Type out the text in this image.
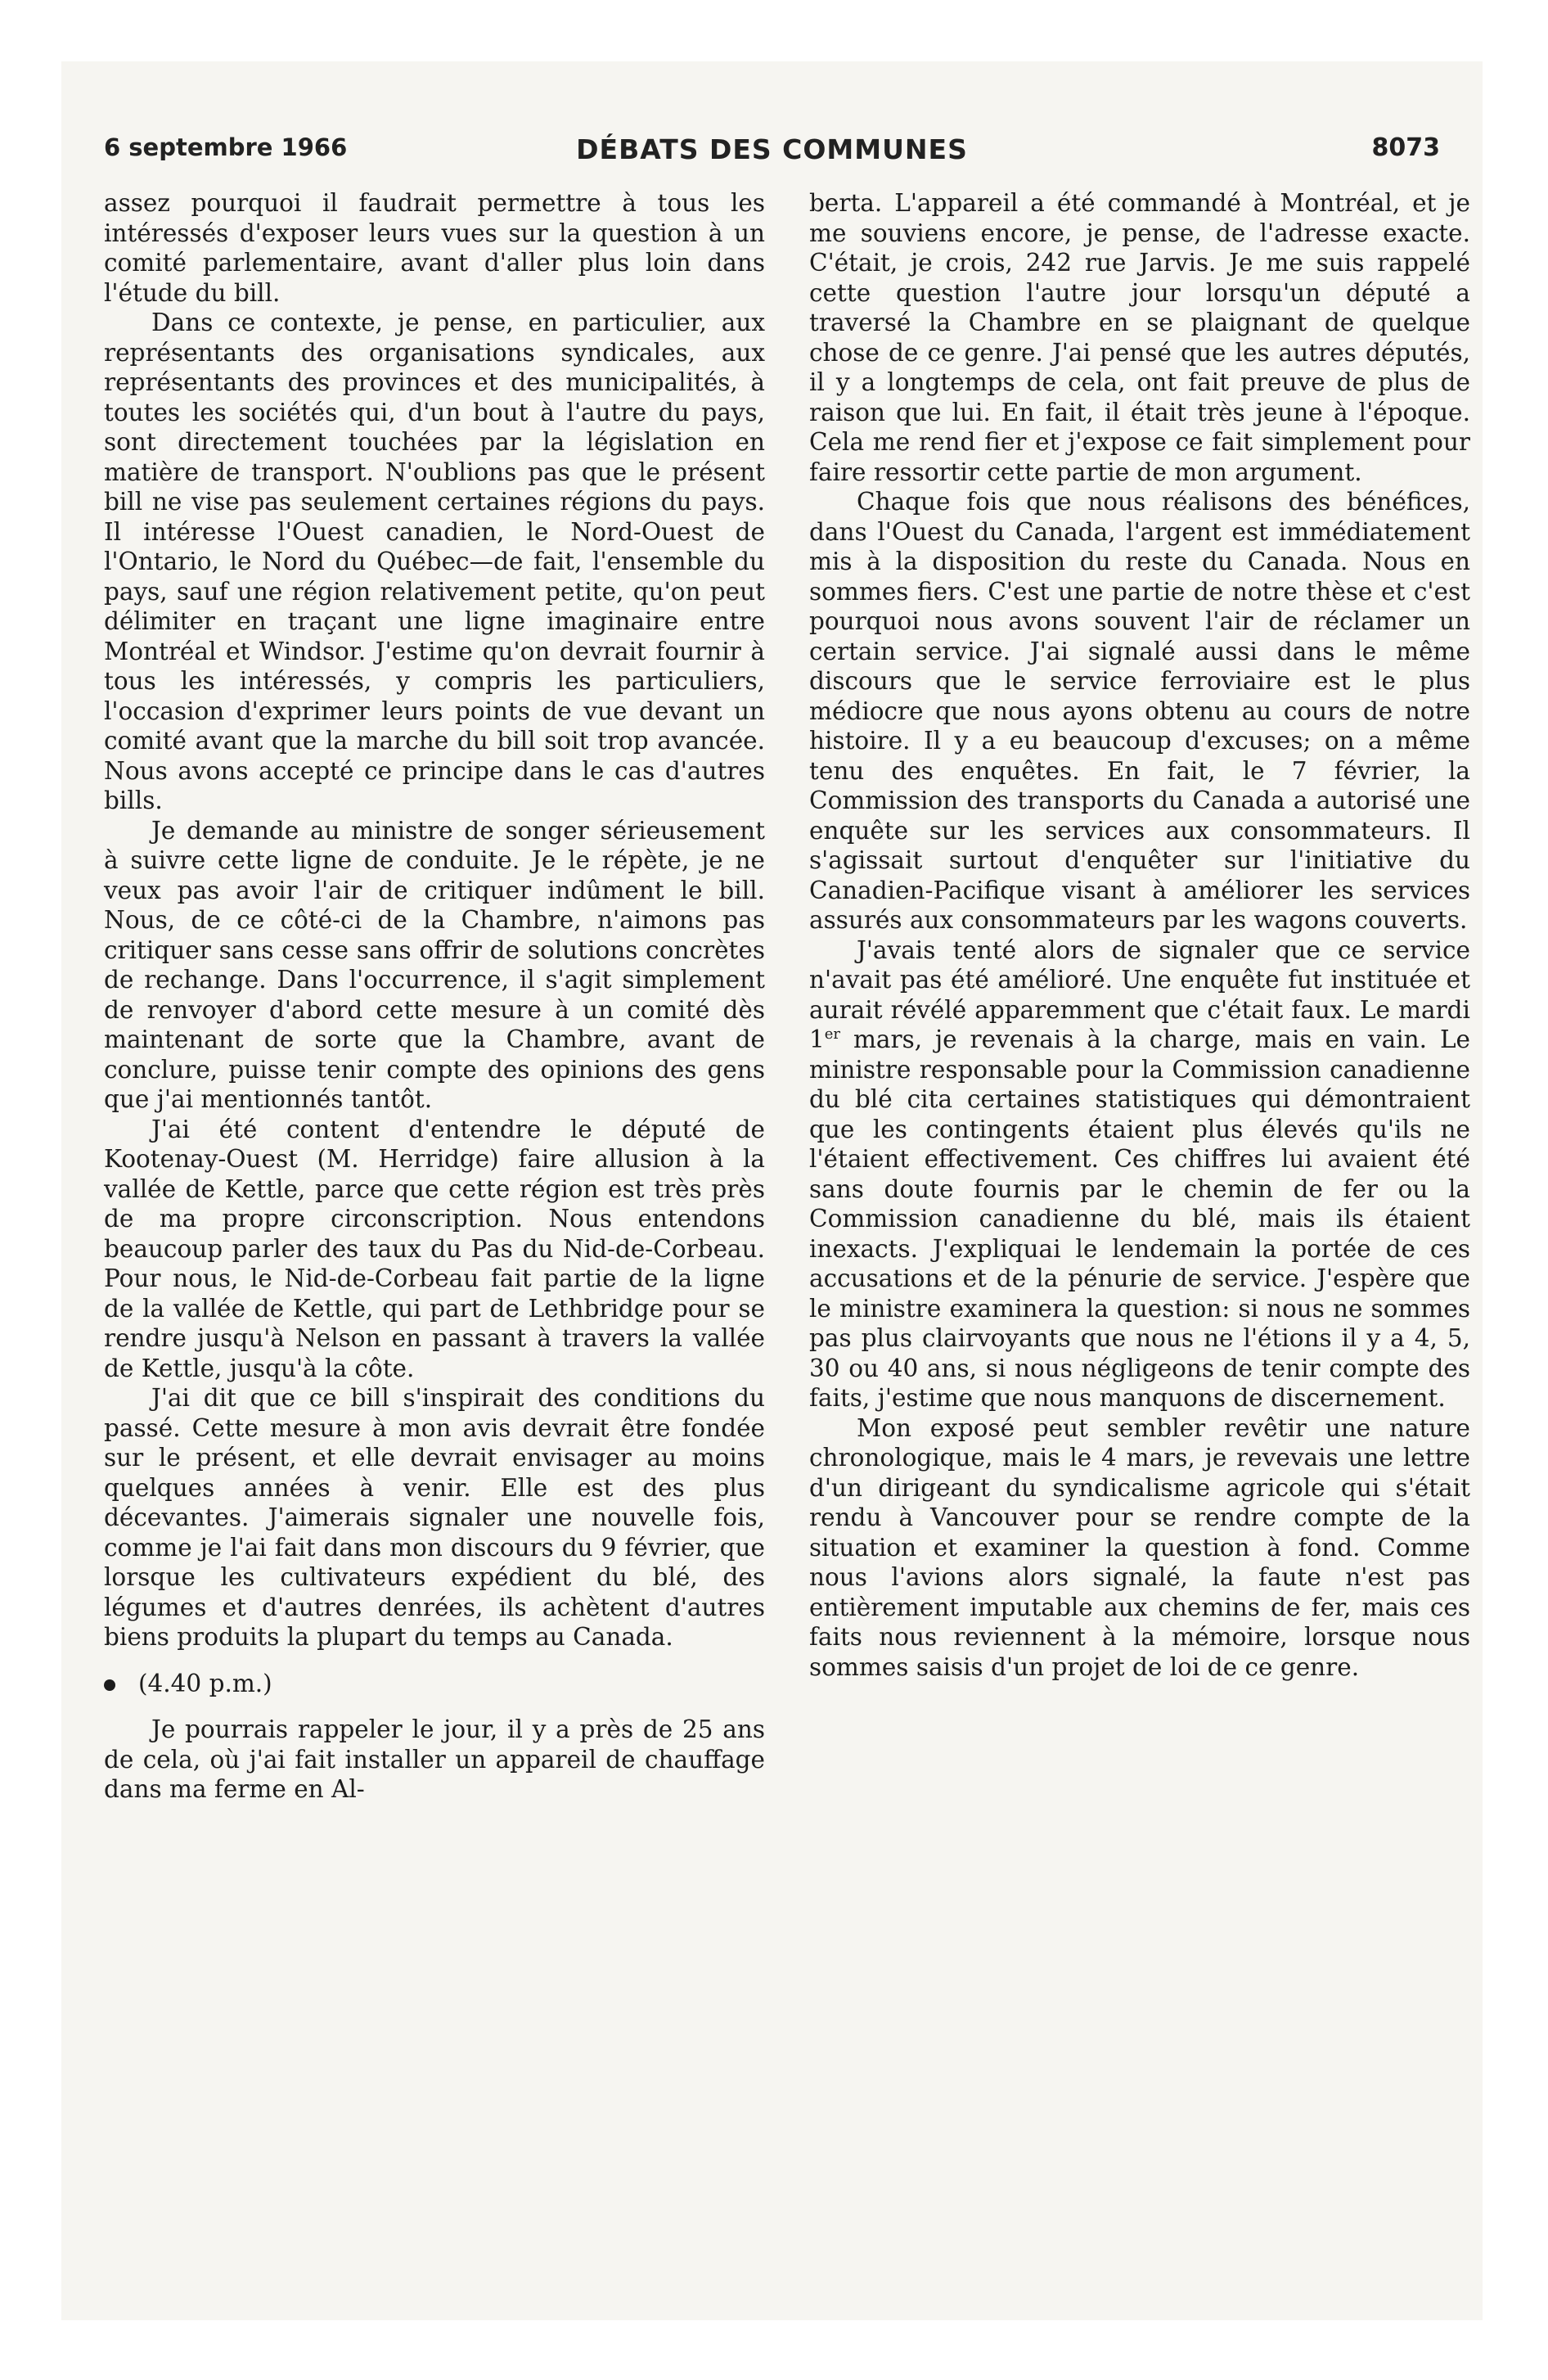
6 septembre 1966	DÉBATS DES COMMUNES	8073

assez pourquoi il faudrait permettre à tous les intéressés d'exposer leurs vues sur la question à un comité parlementaire, avant d'aller plus loin dans l'étude du bill.

Dans ce contexte, je pense, en particulier, aux représentants des organisations syndicales, aux représentants des provinces et des municipalités, à toutes les sociétés qui, d'un bout à l'autre du pays, sont directement touchées par la législation en matière de transport. N'oublions pas que le présent bill ne vise pas seulement certaines régions du pays. Il intéresse l'Ouest canadien, le Nord-Ouest de l'Ontario, le Nord du Québec—de fait, l'ensemble du pays, sauf une région relativement petite, qu'on peut délimiter en traçant une ligne imaginaire entre Montréal et Windsor. J'estime qu'on devrait fournir à tous les intéressés, y compris les particuliers, l'occasion d'exprimer leurs points de vue devant un comité avant que la marche du bill soit trop avancée. Nous avons accepté ce principe dans le cas d'autres bills.

Je demande au ministre de songer sérieusement à suivre cette ligne de conduite. Je le répète, je ne veux pas avoir l'air de critiquer indûment le bill. Nous, de ce côté-ci de la Chambre, n'aimons pas critiquer sans cesse sans offrir de solutions concrètes de rechange. Dans l'occurrence, il s'agit simplement de renvoyer d'abord cette mesure à un comité dès maintenant de sorte que la Chambre, avant de conclure, puisse tenir compte des opinions des gens que j'ai mentionnés tantôt.

J'ai été content d'entendre le député de Kootenay-Ouest (M. Herridge) faire allusion à la vallée de Kettle, parce que cette région est très près de ma propre circonscription. Nous entendons beaucoup parler des taux du Pas du Nid-de-Corbeau. Pour nous, le Nid-de-Corbeau fait partie de la ligne de la vallée de Kettle, qui part de Lethbridge pour se rendre jusqu'à Nelson en passant à travers la vallée de Kettle, jusqu'à la côte.

J'ai dit que ce bill s'inspirait des conditions du passé. Cette mesure à mon avis devrait être fondée sur le présent, et elle devrait envisager au moins quelques années à venir. Elle est des plus décevantes. J'aimerais signaler une nouvelle fois, comme je l'ai fait dans mon discours du 9 février, que lorsque les cultivateurs expédient du blé, des légumes et d'autres denrées, ils achètent d'autres biens produits la plupart du temps au Canada.

(4.40 p.m.)

Je pourrais rappeler le jour, il y a près de 25 ans de cela, où j'ai fait installer un appareil de chauffage dans ma ferme en Al-

berta. L'appareil a été commandé à Montréal, et je me souviens encore, je pense, de l'adresse exacte. C'était, je crois, 242 rue Jarvis. Je me suis rappelé cette question l'autre jour lorsqu'un député a traversé la Chambre en se plaignant de quelque chose de ce genre. J'ai pensé que les autres députés, il y a longtemps de cela, ont fait preuve de plus de raison que lui. En fait, il était très jeune à l'époque. Cela me rend fier et j'expose ce fait simplement pour faire ressortir cette partie de mon argument.

Chaque fois que nous réalisons des bénéfices, dans l'Ouest du Canada, l'argent est immédiatement mis à la disposition du reste du Canada. Nous en sommes fiers. C'est une partie de notre thèse et c'est pourquoi nous avons souvent l'air de réclamer un certain service. J'ai signalé aussi dans le même discours que le service ferroviaire est le plus médiocre que nous ayons obtenu au cours de notre histoire. Il y a eu beaucoup d'excuses; on a même tenu des enquêtes. En fait, le 7 février, la Commission des transports du Canada a autorisé une enquête sur les services aux consommateurs. Il s'agissait surtout d'enquêter sur l'initiative du Canadien-Pacifique visant à améliorer les services assurés aux consommateurs par les wagons couverts.

J'avais tenté alors de signaler que ce service n'avait pas été amélioré. Une enquête fut instituée et aurait révélé apparemment que c'était faux. Le mardi 1er mars, je revenais à la charge, mais en vain. Le ministre responsable pour la Commission canadienne du blé cita certaines statistiques qui démontraient que les contingents étaient plus élevés qu'ils ne l'étaient effectivement. Ces chiffres lui avaient été sans doute fournis par le chemin de fer ou la Commission canadienne du blé, mais ils étaient inexacts. J'expliquai le lendemain la portée de ces accusations et de la pénurie de service. J'espère que le ministre examinera la question: si nous ne sommes pas plus clairvoyants que nous ne l'étions il y a 4, 5, 30 ou 40 ans, si nous négligeons de tenir compte des faits, j'estime que nous manquons de discernement.

Mon exposé peut sembler revêtir une nature chronologique, mais le 4 mars, je revevais une lettre d'un dirigeant du syndicalisme agricole qui s'était rendu à Vancouver pour se rendre compte de la situation et examiner la question à fond. Comme nous l'avions alors signalé, la faute n'est pas entièrement imputable aux chemins de fer, mais ces faits nous reviennent à la mémoire, lorsque nous sommes saisis d'un projet de loi de ce genre.
